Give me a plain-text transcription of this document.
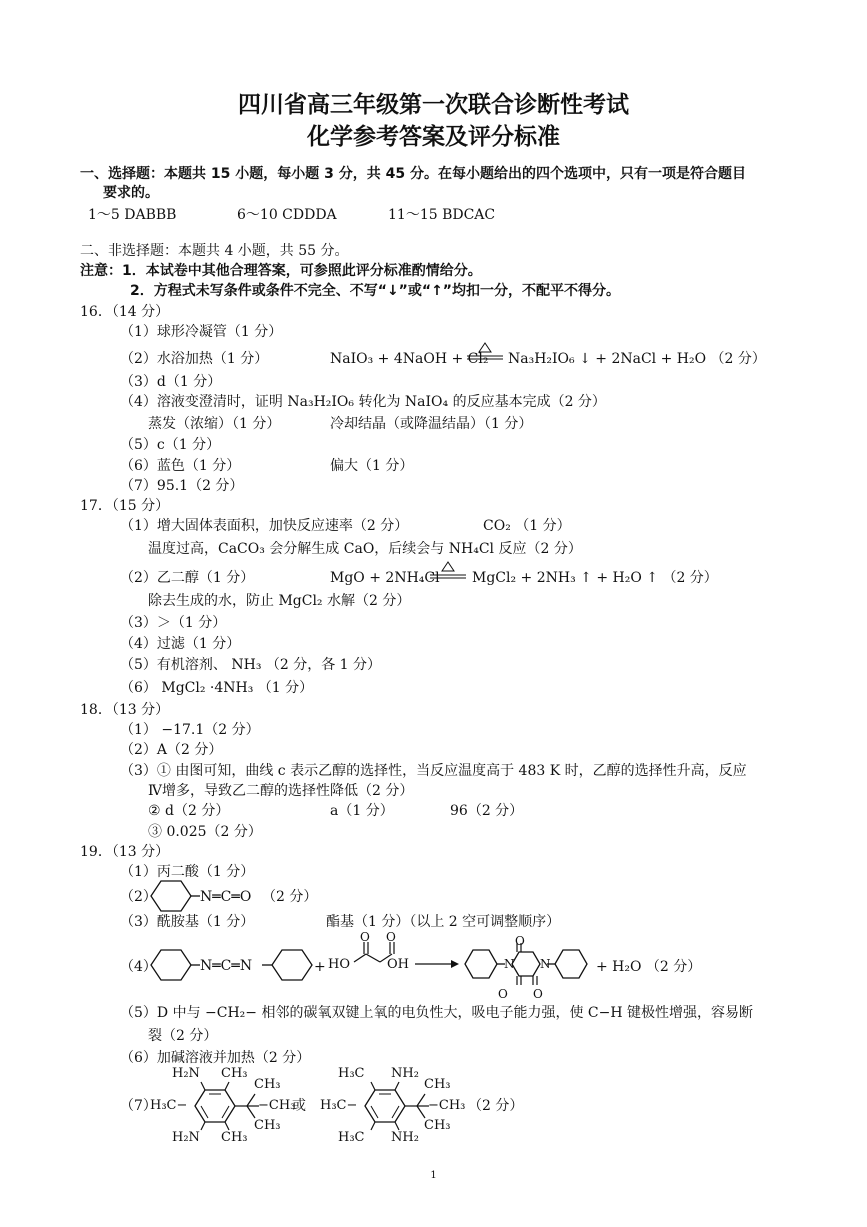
四川省高三年级第一次联合诊断性考试
化学参考答案及评分标准
一、选择题：本题共 15 小题，每小题 3 分，共 45 分。在每小题给出的四个选项中，只有一项是符合题目
要求的。
1～5 DABBB	6～10 CDDDA	11～15 BDCAC
二、非选择题：本题共 4 小题，共 55 分。
注意：1．本试卷中其他合理答案，可参照此评分标准酌情给分。
2．方程式未写条件或条件不完全、不写“↓”或“↑”均扣一分，不配平不得分。
16．（14 分）
（1）球形冷凝管（1 分）
（2）水浴加热（1 分）	NaIO₃ + 4NaOH + Cl₂ Na₃H₂IO₆ ↓ + 2NaCl + H₂O （2 分）
（3）d（1 分）
（4）溶液变澄清时，证明 Na₃H₂IO₆ 转化为 NaIO₄ 的反应基本完成（2 分）
蒸发（浓缩）（1 分）	冷却结晶（或降温结晶）（1 分）
（5）c（1 分）
（6）蓝色（1 分）	偏大（1 分）
（7）95.1（2 分）
17．（15 分）
（1）增大固体表面积，加快反应速率（2 分）	CO₂ （1 分）
温度过高，CaCO₃ 会分解生成 CaO，后续会与 NH₄Cl 反应（2 分）
（2）乙二醇（1 分）	MgO + 2NH₄Cl MgCl₂ + 2NH₃ ↑ + H₂O ↑ （2 分）
除去生成的水，防止 MgCl₂ 水解（2 分）
（3）＞（1 分）
（4）过滤（1 分）
（5）有机溶剂、 NH₃ （2 分，各 1 分）
（6） MgCl₂ ·4NH₃ （1 分）
18．（13 分）
（1） −17.1（2 分）
（2）A（2 分）
（3）① 由图可知，曲线 c 表示乙醇的选择性，当反应温度高于 483 K 时，乙醇的选择性升高，反应
Ⅳ增多，导致乙二醇的选择性降低（2 分）
② d（2 分）	a（1 分）	96（2 分）
③ 0.025（2 分）
19．（13 分）
（1）丙二酸（1 分）
（2）	N═C═O （2 分）
（3）酰胺基（1 分）	酯基（1 分）（以上 2 空可调整顺序）
（4）	N═C═N	+ HO	OH
O O	O
O O
N N	+ H₂O （2 分）
（5）D 中与 −CH₂− 相邻的碳氧双键上氧的电负性大，吸电子能力强，使 C−H 键极性增强，容易断
裂（2 分）
（6）加碱溶液并加热（2 分）
（7）
H₂N CH₃
H₃C−
CH₃
−CH₃
CH₃
H₂N CH₃
或
H₃C NH₂
H₃C−
CH₃
−CH₃
CH₃
H₃C NH₂
（2 分）
1
